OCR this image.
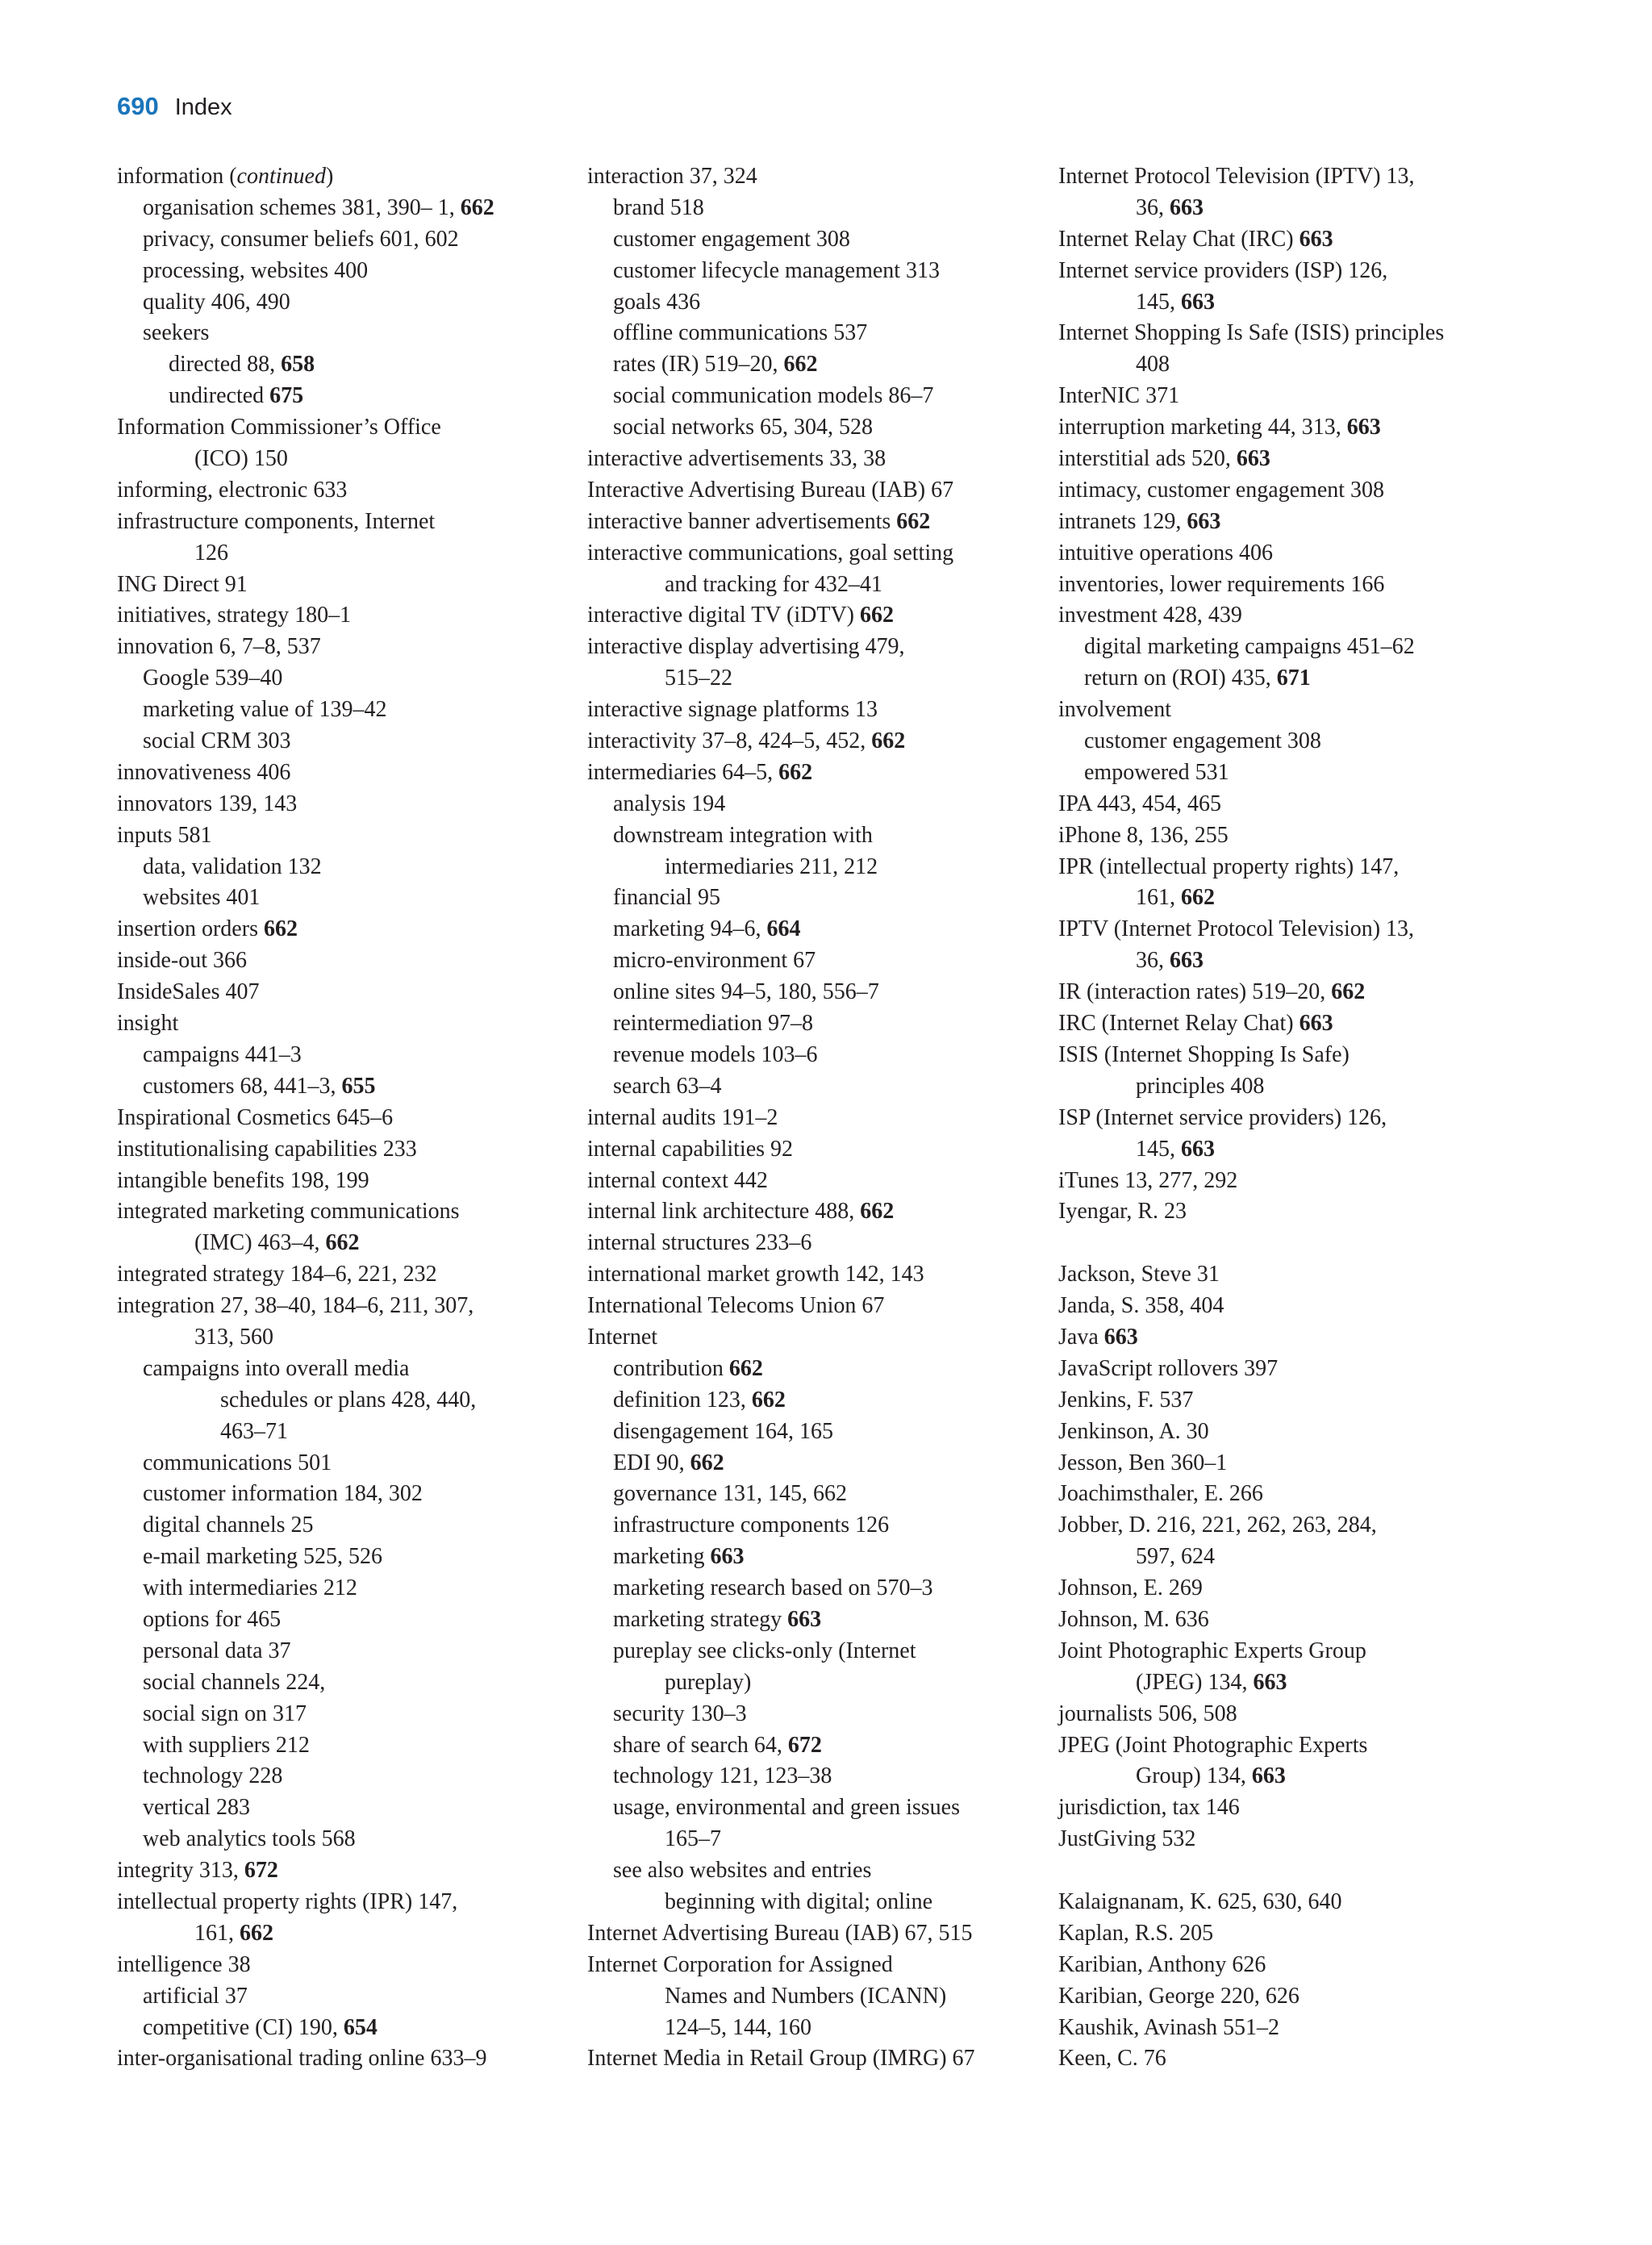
690 Index
information (continued)
organisation schemes 381, 390– 1, 662
privacy, consumer beliefs 601, 602
processing, websites 400
quality 406, 490
seekers
directed 88, 658
undirected 675
Information Commissioner’s Office
(ICO) 150
informing, electronic 633
infrastructure components, Internet
126
ING Direct 91
initiatives, strategy 180–1
innovation 6, 7–8, 537
Google 539–40
marketing value of 139–42
social CRM 303
innovativeness 406
innovators 139, 143
inputs 581
data, validation 132
websites 401
insertion orders 662
inside-out 366
InsideSales 407
insight
campaigns 441–3
customers 68, 441–3, 655
Inspirational Cosmetics 645–6
institutionalising capabilities 233
intangible benefits 198, 199
integrated marketing communications
(IMC) 463–4, 662
integrated strategy 184–6, 221, 232
integration 27, 38–40, 184–6, 211, 307,
313, 560
campaigns into overall media
schedules or plans 428, 440,
463–71
communications 501
customer information 184, 302
digital channels 25
e-mail marketing 525, 526
with intermediaries 212
options for 465
personal data 37
social channels 224,
social sign on 317
with suppliers 212
technology 228
vertical 283
web analytics tools 568
integrity 313, 672
intellectual property rights (IPR) 147,
161, 662
intelligence 38
artificial 37
competitive (CI) 190, 654
inter-organisational trading online 633–9
interaction 37, 324
brand 518
customer engagement 308
customer lifecycle management 313
goals 436
offline communications 537
rates (IR) 519–20, 662
social communication models 86–7
social networks 65, 304, 528
interactive advertisements 33, 38
Interactive Advertising Bureau (IAB) 67
interactive banner advertisements 662
interactive communications, goal setting
and tracking for 432–41
interactive digital TV (iDTV) 662
interactive display advertising 479,
515–22
interactive signage platforms 13
interactivity 37–8, 424–5, 452, 662
intermediaries 64–5, 662
analysis 194
downstream integration with
intermediaries 211, 212
financial 95
marketing 94–6, 664
micro-environment 67
online sites 94–5, 180, 556–7
reintermediation 97–8
revenue models 103–6
search 63–4
internal audits 191–2
internal capabilities 92
internal context 442
internal link architecture 488, 662
internal structures 233–6
international market growth 142, 143
International Telecoms Union 67
Internet
contribution 662
definition 123, 662
disengagement 164, 165
EDI 90, 662
governance 131, 145, 662
infrastructure components 126
marketing 663
marketing research based on 570–3
marketing strategy 663
pureplay see clicks-only (Internet
pureplay)
security 130–3
share of search 64, 672
technology 121, 123–38
usage, environmental and green issues
165–7
see also websites and entries
beginning with digital; online
Internet Advertising Bureau (IAB) 67, 515
Internet Corporation for Assigned
Names and Numbers (ICANN)
124–5, 144, 160
Internet Media in Retail Group (IMRG) 67
Internet Protocol Television (IPTV) 13,
36, 663
Internet Relay Chat (IRC) 663
Internet service providers (ISP) 126,
145, 663
Internet Shopping Is Safe (ISIS) principles
408
InterNIC 371
interruption marketing 44, 313, 663
interstitial ads 520, 663
intimacy, customer engagement 308
intranets 129, 663
intuitive operations 406
inventories, lower requirements 166
investment 428, 439
digital marketing campaigns 451–62
return on (ROI) 435, 671
involvement
customer engagement 308
empowered 531
IPA 443, 454, 465
iPhone 8, 136, 255
IPR (intellectual property rights) 147,
161, 662
IPTV (Internet Protocol Television) 13,
36, 663
IR (interaction rates) 519–20, 662
IRC (Internet Relay Chat) 663
ISIS (Internet Shopping Is Safe)
principles 408
ISP (Internet service providers) 126,
145, 663
iTunes 13, 277, 292
Iyengar, R. 23
Jackson, Steve 31
Janda, S. 358, 404
Java 663
JavaScript rollovers 397
Jenkins, F. 537
Jenkinson, A. 30
Jesson, Ben 360–1
Joachimsthaler, E. 266
Jobber, D. 216, 221, 262, 263, 284,
597, 624
Johnson, E. 269
Johnson, M. 636
Joint Photographic Experts Group
(JPEG) 134, 663
journalists 506, 508
JPEG (Joint Photographic Experts
Group) 134, 663
jurisdiction, tax 146
JustGiving 532
Kalaignanam, K. 625, 630, 640
Kaplan, R.S. 205
Karibian, Anthony 626
Karibian, George 220, 626
Kaushik, Avinash 551–2
Keen, C. 76
